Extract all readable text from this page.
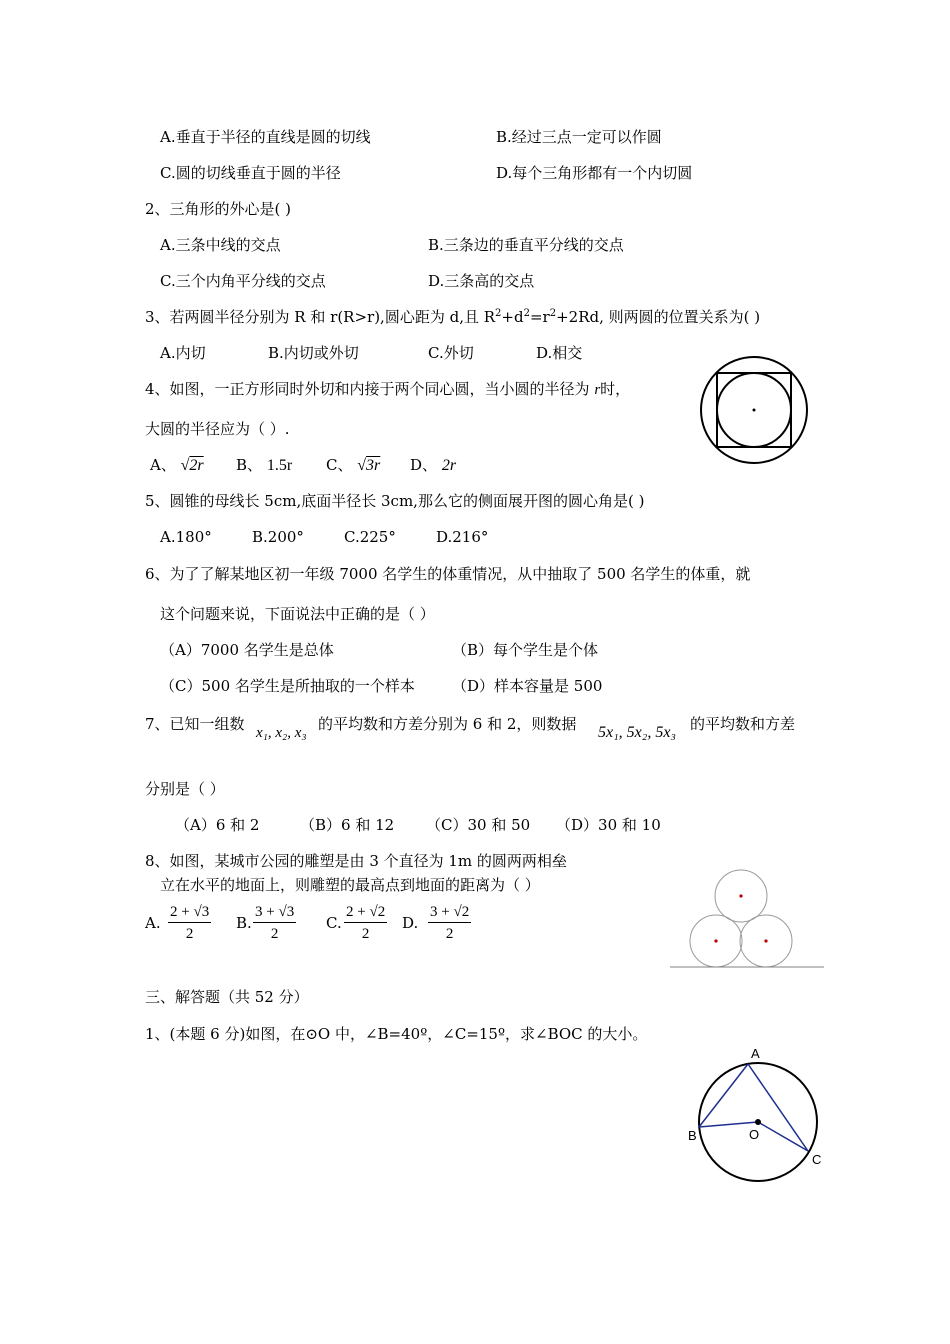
A.垂直于半径的直线是圆的切线	B.经过三点一定可以作圆
C.圆的切线垂直于圆的半径	D.每个三角形都有一个内切圆
2、三角形的外心是( )
A.三条中线的交点	B.三条边的垂直平分线的交点
C.三个内角平分线的交点	D.三条高的交点
3、若两圆半径分别为 R 和 r(R>r),圆心距为 d,且 $R^2+d^2=r^2+2Rd$, 则两圆的位置关系为( )
A.内切	B.内切或外切	C.外切	D.相交
4、如图，一正方形同时外切和内接于两个同心圆，当小圆的半径为 r时，
大圆的半径应为（ ）.
A、 √2r B、 1.5r C、 √3r D、 2r
5、圆锥的母线长 5cm,底面半径长 3cm,那么它的侧面展开图的圆心角是( )
A.180°	B.200°	C.225°	D.216°
6、为了了解某地区初一年级 7000 名学生的体重情况，从中抽取了 500 名学生的体重，就
这个问题来说，下面说法中正确的是（ ）
（A）7000 名学生是总体	（B）每个学生是个体
（C）500 名学生是所抽取的一个样本 （D）样本容量是 500
7、已知一组数 x₁, x₂, x₃ 的平均数和方差分别为 6 和 2，则数据 5x₁, 5x₂, 5x₃ 的平均数和方差
分别是（ ）
（A）6 和 2	（B）6 和 12 （C）30 和 50 （D）30 和 10
8、如图，某城市公园的雕塑是由 3 个直径为 1m 的圆两两相垒
立在水平的地面上，则雕塑的最高点到地面的距离为（ ）
A. $\frac{2 + √3}{2} B$. $\frac{3 + √3}{2} C$. $\frac{2 + √2}{2} D$. $\frac{3 + √2}{2}$
三、解答题（共 52 分）
1、(本题 6 分)如图，在⊙O 中，∠B=40º，∠C=15º，求∠BOC 的大小。
A
B	O
C
